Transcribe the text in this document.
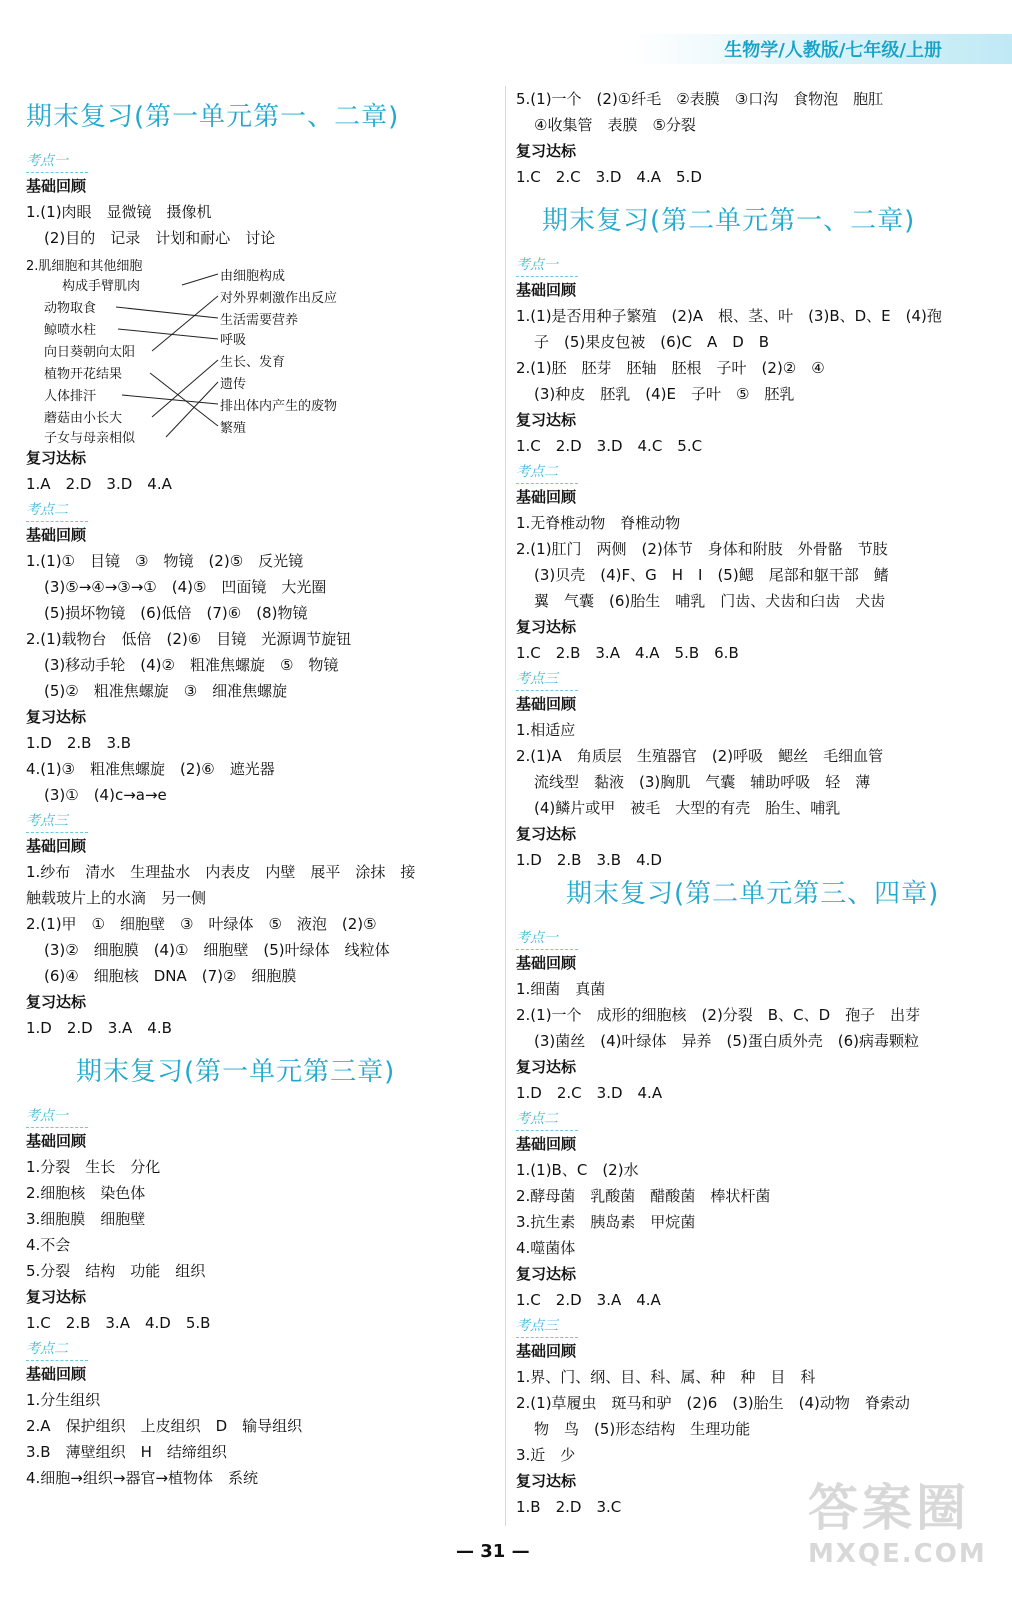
生物学/人教版/七年级/上册
期末复习(第一单元第一、二章)
考点一
基础回顾
1.(1)肉眼　显微镜　摄像机
(2)目的　记录　计划和耐心　讨论
2.肌细胞和其他细胞
构成手臂肌肉
动物取食
鲸喷水柱
向日葵朝向太阳
植物开花结果
人体排汗
蘑菇由小长大
子女与母亲相似
由细胞构成
对外界刺激作出反应
生活需要营养
呼吸
生长、发育
遗传
排出体内产生的废物
繁殖
复习达标
1.A　2.D　3.D　4.A
考点二
基础回顾
1.(1)①　目镜　③　物镜　(2)⑤　反光镜
(3)⑤→④→③→①　(4)⑤　凹面镜　大光圈
(5)损坏物镜　(6)低倍　(7)⑥　(8)物镜
2.(1)载物台　低倍　(2)⑥　目镜　光源调节旋钮
(3)移动手轮　(4)②　粗准焦螺旋　⑤　物镜
(5)②　粗准焦螺旋　③　细准焦螺旋
复习达标
1.D　2.B　3.B
4.(1)③　粗准焦螺旋　(2)⑥　遮光器
(3)①　(4)c→a→e
考点三
基础回顾
1.纱布　清水　生理盐水　内表皮　内壁　展平　涂抹　接
触载玻片上的水滴　另一侧
2.(1)甲　①　细胞壁　③　叶绿体　⑤　液泡　(2)⑤
(3)②　细胞膜　(4)①　细胞壁　(5)叶绿体　线粒体
(6)④　细胞核　DNA　(7)②　细胞膜
复习达标
1.D　2.D　3.A　4.B
期末复习(第一单元第三章)
考点一
基础回顾
1.分裂　生长　分化
2.细胞核　染色体
3.细胞膜　细胞壁
4.不会
5.分裂　结构　功能　组织
复习达标
1.C　2.B　3.A　4.D　5.B
考点二
基础回顾
1.分生组织
2.A　保护组织　上皮组织　D　输导组织
3.B　薄壁组织　H　结缔组织
4.细胞→组织→器官→植物体　系统
5.(1)一个　(2)①纤毛　②表膜　③口沟　食物泡　胞肛
④收集管　表膜　⑤分裂
复习达标
1.C　2.C　3.D　4.A　5.D
期末复习(第二单元第一、二章)
考点一
基础回顾
1.(1)是否用种子繁殖　(2)A　根、茎、叶　(3)B、D、E　(4)孢
子　(5)果皮包被　(6)C　A　D　B
2.(1)胚　胚芽　胚轴　胚根　子叶　(2)②　④
(3)种皮　胚乳　(4)E　子叶　⑤　胚乳
复习达标
1.C　2.D　3.D　4.C　5.C
考点二
基础回顾
1.无脊椎动物　脊椎动物
2.(1)肛门　两侧　(2)体节　身体和附肢　外骨骼　节肢
(3)贝壳　(4)F、G　H　I　(5)鳃　尾部和躯干部　鳍
翼　气囊　(6)胎生　哺乳　门齿、犬齿和臼齿　犬齿
复习达标
1.C　2.B　3.A　4.A　5.B　6.B
考点三
基础回顾
1.相适应
2.(1)A　角质层　生殖器官　(2)呼吸　鳃丝　毛细血管
流线型　黏液　(3)胸肌　气囊　辅助呼吸　轻　薄
(4)鳞片或甲　被毛　大型的有壳　胎生、哺乳
复习达标
1.D　2.B　3.B　4.D
期末复习(第二单元第三、四章)
考点一
基础回顾
1.细菌　真菌
2.(1)一个　成形的细胞核　(2)分裂　B、C、D　孢子　出芽
(3)菌丝　(4)叶绿体　异养　(5)蛋白质外壳　(6)病毒颗粒
复习达标
1.D　2.C　3.D　4.A
考点二
基础回顾
1.(1)B、C　(2)水
2.酵母菌　乳酸菌　醋酸菌　棒状杆菌
3.抗生素　胰岛素　甲烷菌
4.噬菌体
复习达标
1.C　2.D　3.A　4.A
考点三
基础回顾
1.界、门、纲、目、科、属、种　种　目　科
2.(1)草履虫　斑马和驴　(2)6　(3)胎生　(4)动物　脊索动
物　鸟　(5)形态结构　生理功能
3.近　少
复习达标
1.B　2.D　3.C
— 31 —
答案圈
MXQE.COM
